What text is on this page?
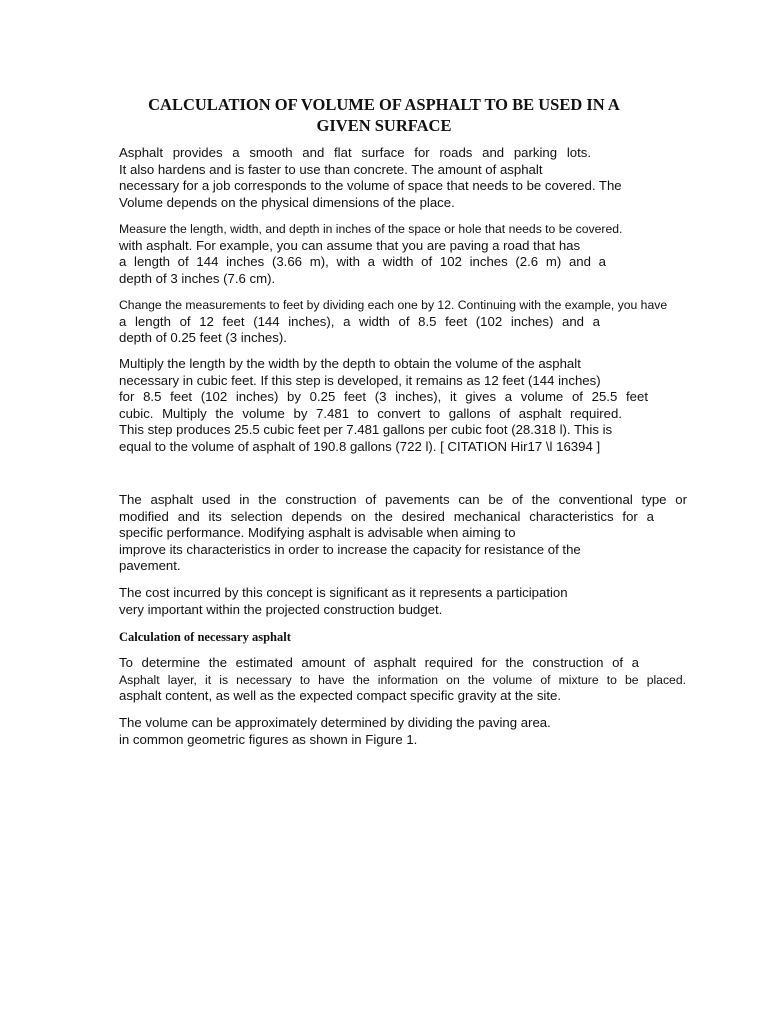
CALCULATION OF VOLUME OF ASPHALT TO BE USED IN A
GIVEN SURFACE

Asphalt provides a smooth and flat surface for roads and parking lots.
It also hardens and is faster to use than concrete. The amount of asphalt
necessary for a job corresponds to the volume of space that needs to be covered. The
Volume depends on the physical dimensions of the place.

Measure the length, width, and depth in inches of the space or hole that needs to be covered.
with asphalt. For example, you can assume that you are paving a road that has
a length of 144 inches (3.66 m), with a width of 102 inches (2.6 m) and a
depth of 3 inches (7.6 cm).

Change the measurements to feet by dividing each one by 12. Continuing with the example, you have
a length of 12 feet (144 inches), a width of 8.5 feet (102 inches) and a
depth of 0.25 feet (3 inches).

Multiply the length by the width by the depth to obtain the volume of the asphalt
necessary in cubic feet. If this step is developed, it remains as 12 feet (144 inches)
for 8.5 feet (102 inches) by 0.25 feet (3 inches), it gives a volume of 25.5 feet
cubic. Multiply the volume by 7.481 to convert to gallons of asphalt required.
This step produces 25.5 cubic feet per 7.481 gallons per cubic foot (28.318 l). This is
equal to the volume of asphalt of 190.8 gallons (722 l). [ CITATION Hir17 \l 16394 ]

The asphalt used in the construction of pavements can be of the conventional type or
modified and its selection depends on the desired mechanical characteristics for a
specific performance. Modifying asphalt is advisable when aiming to
improve its characteristics in order to increase the capacity for resistance of the
pavement.

The cost incurred by this concept is significant as it represents a participation
very important within the projected construction budget.

Calculation of necessary asphalt

To determine the estimated amount of asphalt required for the construction of a
Asphalt layer, it is necessary to have the information on the volume of mixture to be placed.
asphalt content, as well as the expected compact specific gravity at the site.

The volume can be approximately determined by dividing the paving area.
in common geometric figures as shown in Figure 1.
